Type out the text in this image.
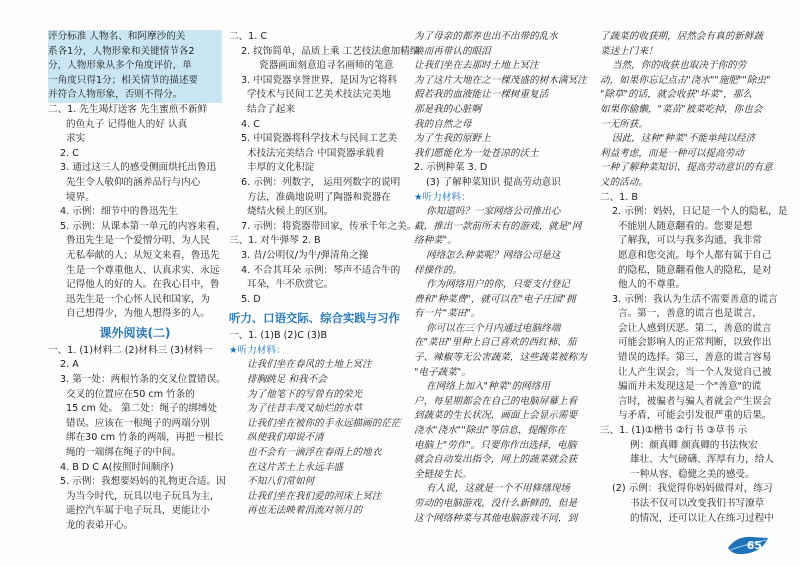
评分标准 人物名、和阿摩沙的关
系各1分，人物形象和关键情节各2
分，人物形象从多个角度评价，单
一角度只得1分；相关情节的描述要
并符合人物形象，否则不得分。
二、1. 先生竭灯送客 先生蜜煎不新鲜
的鱼丸子 记得他人的好 认真
求实
2. C
3. 通过这三人的感受侧面烘托出鲁迅
先生令人敬仰的涵养品行与内心
境界。
4. 示例：细节中的鲁迅先生
5. 示例：从课本第一单元的内容来看，
鲁迅先生是一个爱憎分明、为人民
无私奉献的人；从短文来看，鲁迅先
生是一个尊重他人、认真求实、永远
记得他人的好的人。在我心目中，鲁
迅先生是一个心怀人民和国家，为
自己想得少，为他人想得多的人。
课外阅读(二)
一、1. (1)材料二 (2)材料三 (3)材料一
2. A
3. 第一处：两根竹条的交叉位置错误。
交叉的位置应在50 cm 竹条的
15 cm 处。 第二处：绳子的绑缚处
错误。应该在一根绳子的两端分别
绑在30 cm 竹条的两端，再把一根长
绳的一端绑在绳子的中间。
4. B D C A(按照时间顺序)
5. 示例：我想要妈妈的礼物更合适。因
为当今时代，玩具以电子玩具为主，
遥控汽车属于电子玩具，更能让小
龙的表弟开心。
二、1. C
2. 纹饰简单，品质上乘 工艺技法愈加精细
瓷器画面刻意追寻名画师的笔意
3. 中国瓷器享誉世界，是因为它将科
学技术与民间工艺美术技法完美地
结合了起来
4. C
5. 中国瓷器将科学技术与民间工艺美
术技法完美结合 中国瓷器承载着
丰厚的文化积淀
6. 示例：列数字， 运用列数字的说明
方法，准确地说明了陶器和瓷器在
烧结火候上的区别。
7. 示例：将瓷器带回家，传承千年之美。
三、1. 对牛弹琴 2. B
3. 昔/公明仪/为牛/弹清角之操
4. 不合其耳朵 示例：琴声不适合牛的
耳朵，牛不欣赏它。
5. D
听力、口语交际、综合实践与习作
一、1. (1)B (2)C (3)B
★听力材料：
让我们坐在春风的土地上冥注
排胸跳足 和我不会
为了他笔下的写曾有的荣光
为了往昔丰茂又灿烂的水草
让我们坐在被你的手永远描画的茫茫
纵使我们却说不清
也不会有一滴浮在春雨上的地衣
在这片苦土上永远丰盛
不知八们常如何
让我们坐在我们爱的河床上冥注
再也无法映着涓流对领月的
为了母亲的都养也出不出带的乱水
唤而再带认的眼泪
让我们坐在去那时土地上冥注
为了这片大地在之一棵茂盛的树木满冥注
假若我的血液能让一棵树重复活
那是我的心脏啊
我的自然之母
为了生我的原野上
我们愿能化为一处苍凉的沃土
2. 示例种菜 3. D
(3) 了解种菜知识 提高劳动意识
★听力材料：
你知道吗？一家网络公司推出心
截，推出一款前所未有的游戏，就是"网
络种菜"。
网络怎么种菜呢？网络公司是这
样操作的。
作为网络用户的你，只要支付登记
费和"种菜费"，就可以在"电子庄园"拥
有一片"菜田"。
你可以在三个月内通过电脑终端
在"菜田"里种上自己喜欢的西红柿、茄
子、辣椒等无公害蔬菜，这些蔬菜被称为
"电子蔬菜"。
在网络上加入"种菜"的网络用
户，每星期都会在自己的电脑屏幕上看
到蔬菜的生长状况，画面上会显示需要
浇水"浇水""除虫"等信息，提醒你在
电脑上"劳作"。只要你作出选择，电脑
就会自动发出指令，网上的蔬菜就会获
全链接生长。
有人说，这就是一个不用修缮现场
劳动的电脑游戏，没什么新鲜的，但是
这个网络种菜与其他电脑游戏不同，到
了蔬菜的收获期，居然会有真的新鲜蔬
菜送上门来！
当然，你的收获也取决于你的劳
动，如果你忘记点击"浇水""施肥""除虫"
"除草"的话，就会收获"坏菜"，那么
如果你偷懒，"菜苗"被菜吃掉，你也会
一无所获。
因此，这种"种菜"不能单纯以经济
利益考虑，而是一种可以提高劳动
一种了解种菜知识、提高劳动意识的有意
义的活动。
二、1. B
2. 示例：妈妈，日记是一个人的隐私，是
不能别人随意翻看的。您要是想
了解我，可以与我多沟通，我非常
愿意和您交流。每个人都有属于自己
的隐私，随意翻看他人的隐私，是对
他人的不尊重。
3. 示例：我认为生活不需要善意的谎言
言。第一，善意的谎言也是谎言，
会让人感到厌恶。第二，善意的谎言
可能会影响人的正常判断，以致作出
错误的选择。第三，善意的谎言容易
让人产生误会，当一个人发觉自己被
骗而并未发现这是一个"善意"的谎
言时，被骗者与骗人者就会产生误会
与矛盾，可能会引发很严重的后果。
三、1. (1)①楷书 ②行书 ③草书 示
例：颜真卿 颜真卿的书法恢宏
雄壮、大气磅礴、浑厚有力，给人
一种从容、稳健之美的感受。
(2) 示例：我觉得你妈妈做得对，练习
书法不仅可以改变我们书写潦草
的情况，还可以让人在练习过程中
65
